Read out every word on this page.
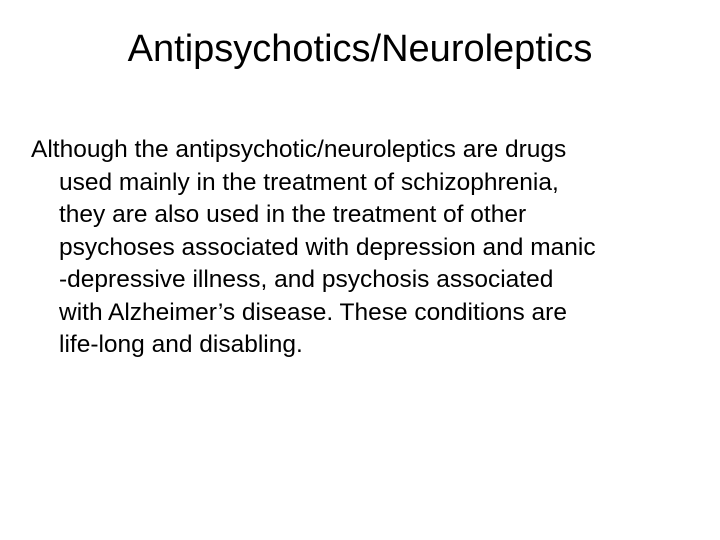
Antipsychotics/Neuroleptics
Although the antipsychotic/neuroleptics are drugs
used mainly in the treatment of schizophrenia,
they are also used in the treatment of other
psychoses associated with depression and manic
-depressive illness, and psychosis associated
with Alzheimer’s disease. These conditions are
life-long and disabling.
